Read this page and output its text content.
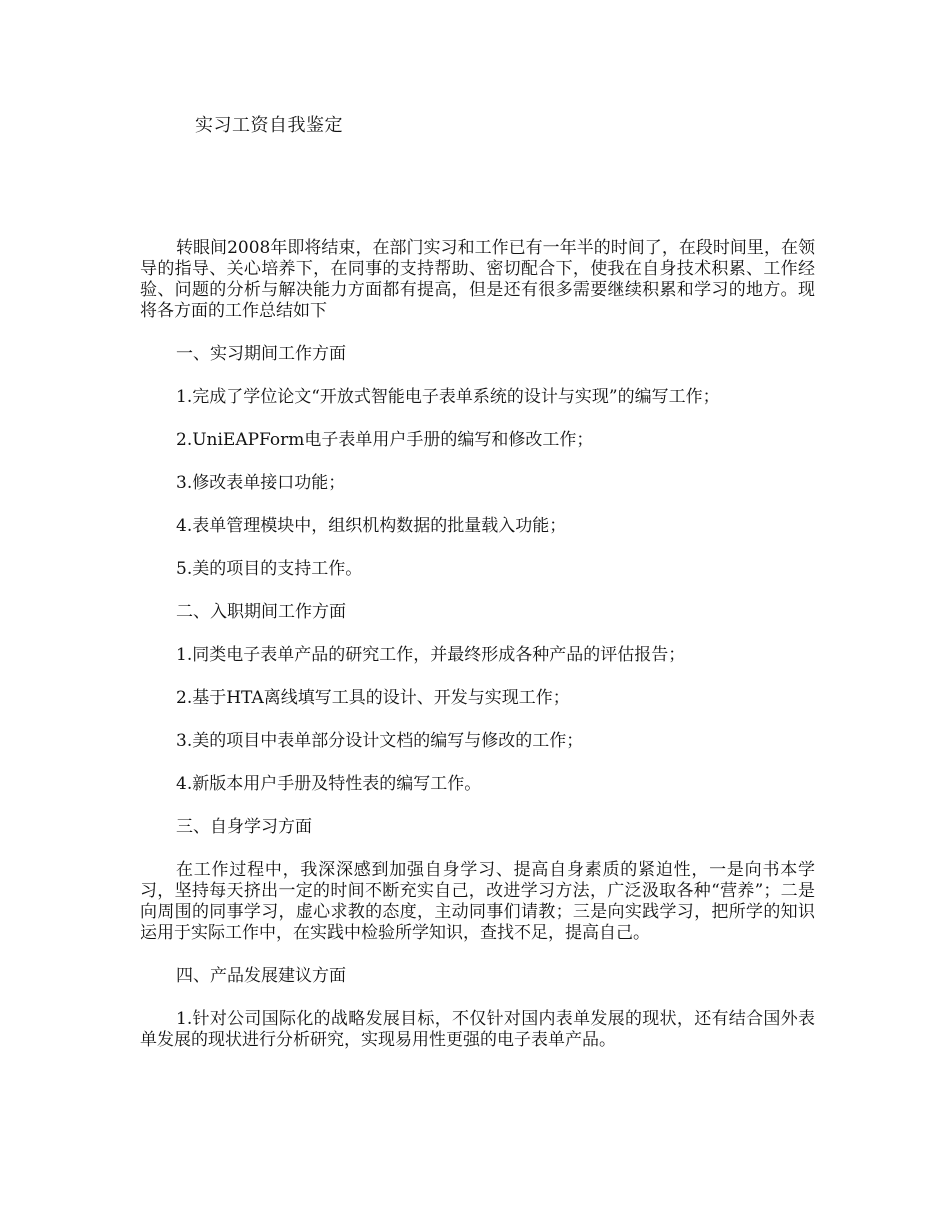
实习工资自我鉴定

转眼间2008年即将结束，在部门实习和工作已有一年半的时间了，在段时间里，在领导的指导、关心培养下，在同事的支持帮助、密切配合下，使我在自身技术积累、工作经验、问题的分析与解决能力方面都有提高，但是还有很多需要继续积累和学习的地方。现将各方面的工作总结如下

一、实习期间工作方面

1.完成了学位论文“开放式智能电子表单系统的设计与实现”的编写工作；

2.UniEAPForm电子表单用户手册的编写和修改工作；

3.修改表单接口功能；

4.表单管理模块中，组织机构数据的批量载入功能；

5.美的项目的支持工作。

二、入职期间工作方面

1.同类电子表单产品的研究工作，并最终形成各种产品的评估报告；

2.基于HTA离线填写工具的设计、开发与实现工作；

3.美的项目中表单部分设计文档的编写与修改的工作；

4.新版本用户手册及特性表的编写工作。

三、自身学习方面

在工作过程中，我深深感到加强自身学习、提高自身素质的紧迫性，一是向书本学习，坚持每天挤出一定的时间不断充实自己，改进学习方法，广泛汲取各种“营养”；二是向周围的同事学习，虚心求教的态度，主动同事们请教；三是向实践学习，把所学的知识运用于实际工作中，在实践中检验所学知识，查找不足，提高自己。

四、产品发展建议方面

1.针对公司国际化的战略发展目标，不仅针对国内表单发展的现状，还有结合国外表单发展的现状进行分析研究，实现易用性更强的电子表单产品。
